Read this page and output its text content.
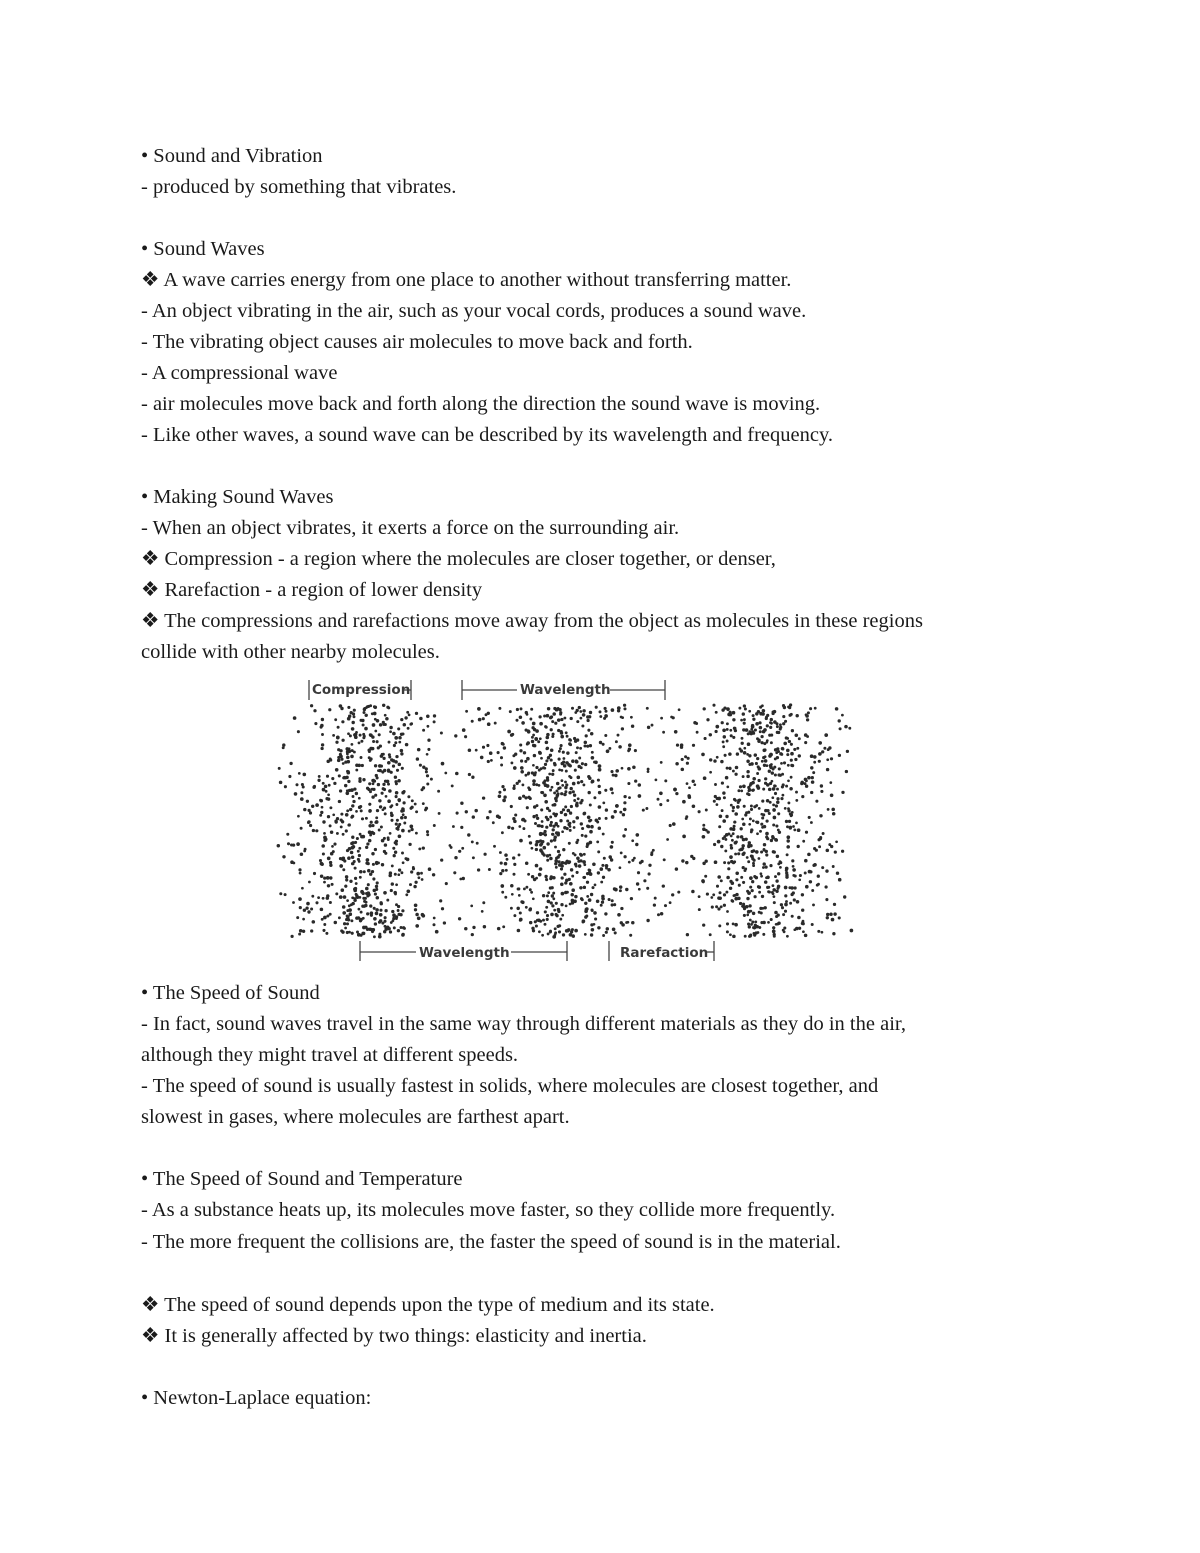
• Sound and Vibration
- produced by something that vibrates.
• Sound Waves
❖ A wave carries energy from one place to another without transferring matter.
- An object vibrating in the air, such as your vocal cords, produces a sound wave.
- The vibrating object causes air molecules to move back and forth.
- A compressional wave
- air molecules move back and forth along the direction the sound wave is moving.
- Like other waves, a sound wave can be described by its wavelength and frequency.
• Making Sound Waves
- When an object vibrates, it exerts a force on the surrounding air.
❖ Compression - a region where the molecules are closer together, or denser,
❖ Rarefaction - a region of lower density
❖ The compressions and rarefactions move away from the object as molecules in these regions
collide with other nearby molecules.
Compression	Wavelength
Wavelength	Rarefaction
• The Speed of Sound
- In fact, sound waves travel in the same way through different materials as they do in the air,
although they might travel at different speeds.
- The speed of sound is usually fastest in solids, where molecules are closest together, and
slowest in gases, where molecules are farthest apart.
• The Speed of Sound and Temperature
- As a substance heats up, its molecules move faster, so they collide more frequently.
- The more frequent the collisions are, the faster the speed of sound is in the material.
❖ The speed of sound depends upon the type of medium and its state.
❖ It is generally affected by two things: elasticity and inertia.
• Newton-Laplace equation:
